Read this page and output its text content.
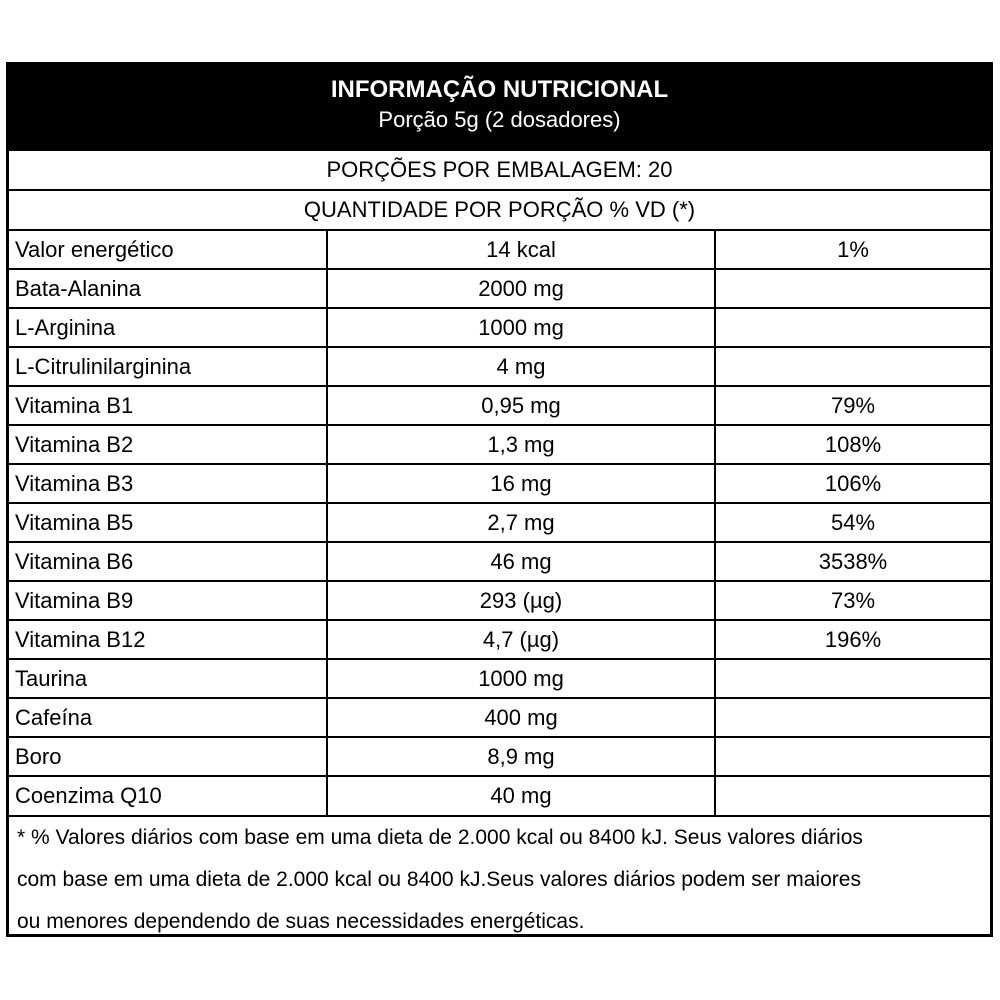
INFORMAÇÃO NUTRICIONAL
Porção 5g (2 dosadores)
PORÇÕES POR EMBALAGEM: 20
QUANTIDADE POR PORÇÃO % VD (*)
Valor energético	14 kcal	1%
Bata-Alanina	2000 mg	
L-Arginina	1000 mg	
L-Citrulinilarginina	4 mg	
Vitamina B1	0,95 mg	79%
Vitamina B2	1,3 mg	108%
Vitamina B3	16 mg	106%
Vitamina B5	2,7 mg	54%
Vitamina B6	46 mg	3538%
Vitamina B9	293 (µg)	73%
Vitamina B12	4,7 (µg)	196%
Taurina	1000 mg	
Cafeína	400 mg	
Boro	8,9 mg	
Coenzima Q10	40 mg	
* % Valores diários com base em uma dieta de 2.000 kcal ou 8400 kJ. Seus valores diários
com base em uma dieta de 2.000 kcal ou 8400 kJ.Seus valores diários podem ser maiores
ou menores dependendo de suas necessidades energéticas.
